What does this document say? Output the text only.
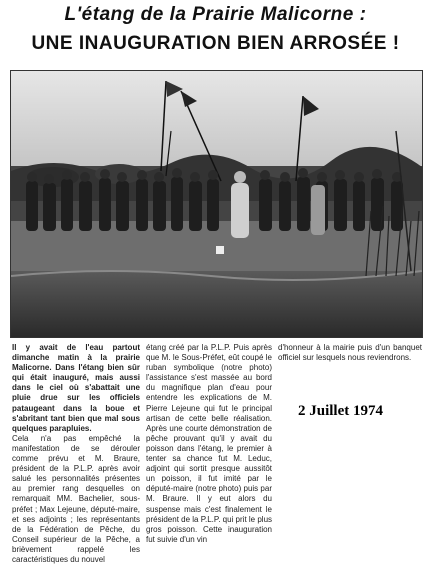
L'étang de la Prairie Malicorne :
UNE INAUGURATION BIEN ARROSÉE !
Il y avait de l'eau partout dimanche matin à la prairie Malicorne. Dans l'étang bien sûr qui était inauguré, mais aussi dans le ciel où s'abattait une pluie drue sur les officiels pataugeant dans la boue et s'abritant tant bien que mal sous quelques parapluies.
Cela n'a pas empêché la manifestation de se dérouler comme prévu et M. Braure, président de la P.L.P. après avoir salué les personnalités présentes au premier rang desquelles on remarquait MM. Bachelier, sous-préfet ; Max Lejeune, député-maire, et ses adjoints ; les représentants de la Fédération de Pêche, du Conseil supérieur de la Pêche, a brièvement rappelé les caractéristiques du nouvel
étang créé par la P.L.P. Puis après que M. le Sous-Préfet, eût coupé le ruban symbolique (notre photo) l'assistance s'est massée au bord du magnifique plan d'eau pour entendre les explications de M. Pierre Lejeune qui fut le principal artisan de cette belle réalisation. Après une courte démonstration de pêche prouvant qu'il y avait du poisson dans l'étang, le premier à tenter sa chance fut M. Leduc, adjoint qui sortit presque aussitôt un poisson, il fut imité par le député-maire (notre photo) puis par M. Braure. Il y eut alors du suspense mais c'est finalement le président de la P.L.P. qui prit le plus gros poisson. Cette inauguration fut suivie d'un vin
d'honneur à la mairie puis d'un banquet officiel sur lesquels nous reviendrons.
2 Juillet 1974
